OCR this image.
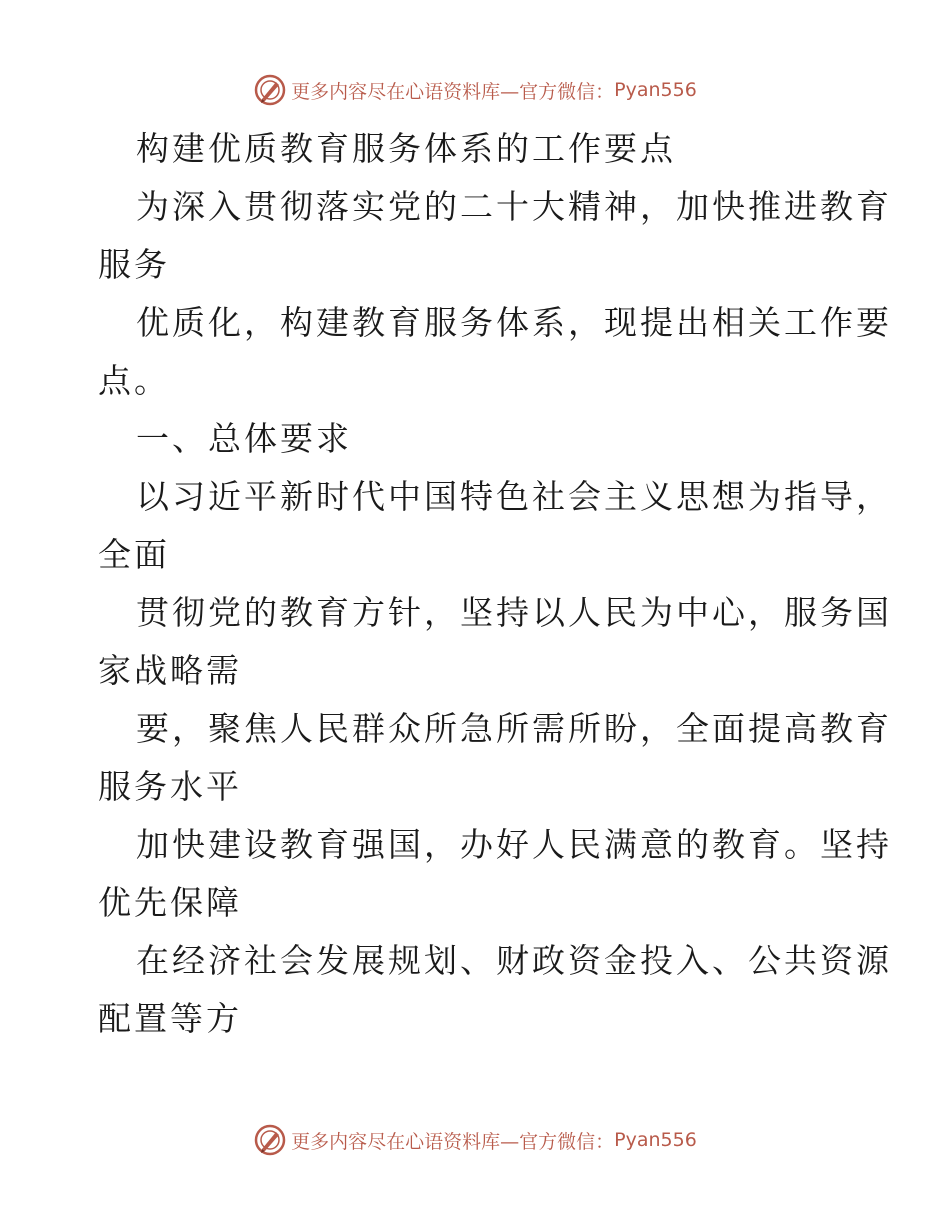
更多内容尽在心语资料库—官方微信： Pyan556
构建优质教育服务体系的工作要点
为深入贯彻落实党的二十大精神，加快推进教育
服务
优质化，构建教育服务体系，现提出相关工作要
点。
一、总体要求
以习近平新时代中国特色社会主义思想为指导，
全面
贯彻党的教育方针，坚持以人民为中心，服务国
家战略需
要，聚焦人民群众所急所需所盼，全面提高教育
服务水平
加快建设教育强国，办好人民满意的教育。坚持
优先保障
在经济社会发展规划、财政资金投入、公共资源
配置等方
更多内容尽在心语资料库—官方微信： Pyan556
